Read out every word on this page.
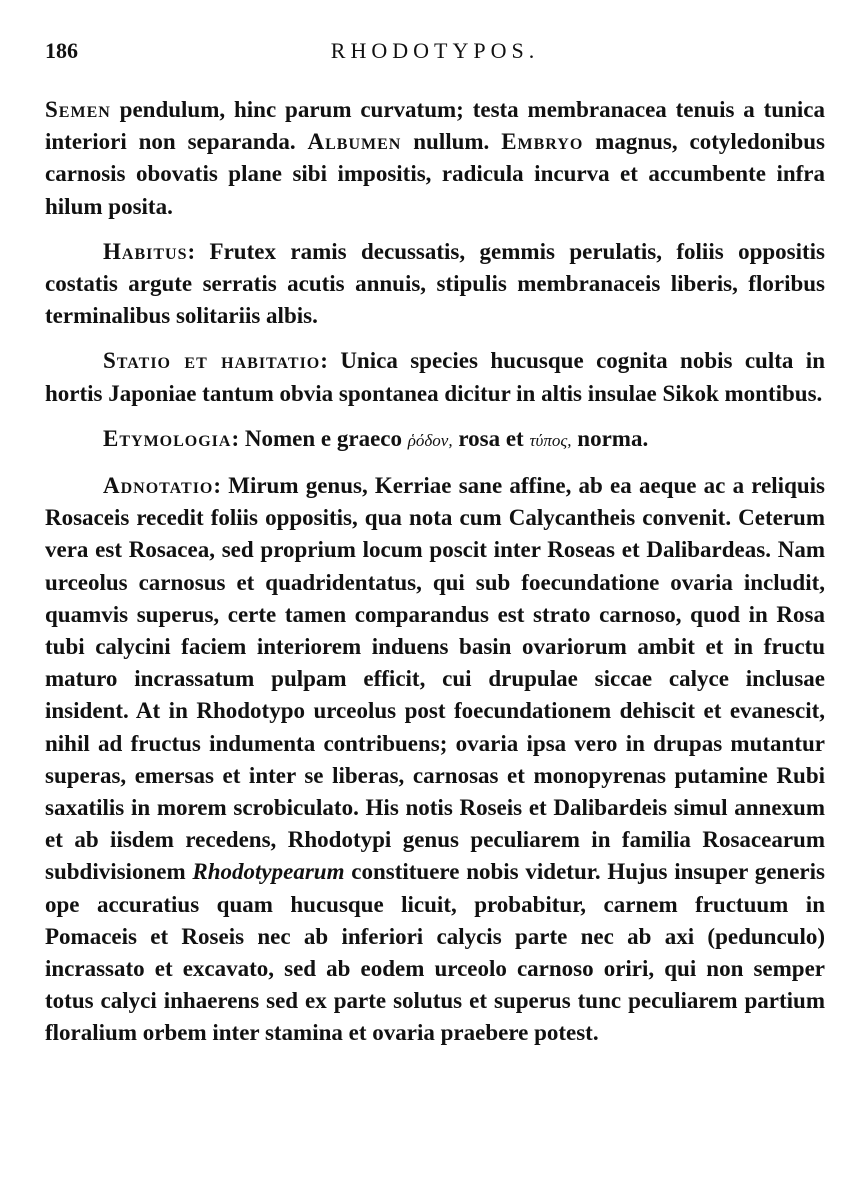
186	RHODOTYPOS.

Semen pendulum, hinc parum curvatum; testa membranacea tenuis a tunica interiori non separanda. Albumen nullum. Embryo magnus, cotyledonibus carnosis obovatis plane sibi impositis, radicula incurva et accumbente infra hilum posita.

Habitus: Frutex ramis decussatis, gemmis perulatis, foliis oppositis costatis argute serratis acutis annuis, stipulis membranaceis liberis, floribus terminalibus solitariis albis.

Statio et habitatio: Unica species hucusque cognita nobis culta in hortis Japoniae tantum obvia spontanea dicitur in altis insulae Sikok montibus.

Etymologia: Nomen e graeco ῥόδον, rosa et τύπος, norma.

Adnotatio: Mirum genus, Kerriae sane affine, ab ea aeque ac a reliquis Rosaceis recedit foliis oppositis, qua nota cum Calycantheis convenit. Ceterum vera est Rosacea, sed proprium locum poscit inter Roseas et Dalibardeas. Nam urceolus carnosus et quadridentatus, qui sub foecundatione ovaria includit, quamvis superus, certe tamen comparandus est strato carnoso, quod in Rosa tubi calycini faciem interiorem induens basin ovariorum ambit et in fructu maturo incrassatum pulpam efficit, cui drupulae siccae calyce inclusae insident. At in Rhodotypo urceolus post foecundationem dehiscit et evanescit, nihil ad fructus indumenta contribuens; ovaria ipsa vero in drupas mutantur superas, emersas et inter se liberas, carnosas et monopyrenas putamine Rubi saxatilis in morem scrobiculato. His notis Roseis et Dalibardeis simul annexum et ab iisdem recedens, Rhodotypi genus peculiarem in familia Rosacearum subdivisionem Rhodotypearum constituere nobis videtur. Hujus insuper generis ope accuratius quam hucusque licuit, probabitur, carnem fructuum in Pomaceis et Roseis nec ab inferiori calycis parte nec ab axi (pedunculo) incrassato et excavato, sed ab eodem urceolo carnoso oriri, qui non semper totus calyci inhaerens sed ex parte solutus et superus tunc peculiarem partium floralium orbem inter stamina et ovaria praebere potest.
